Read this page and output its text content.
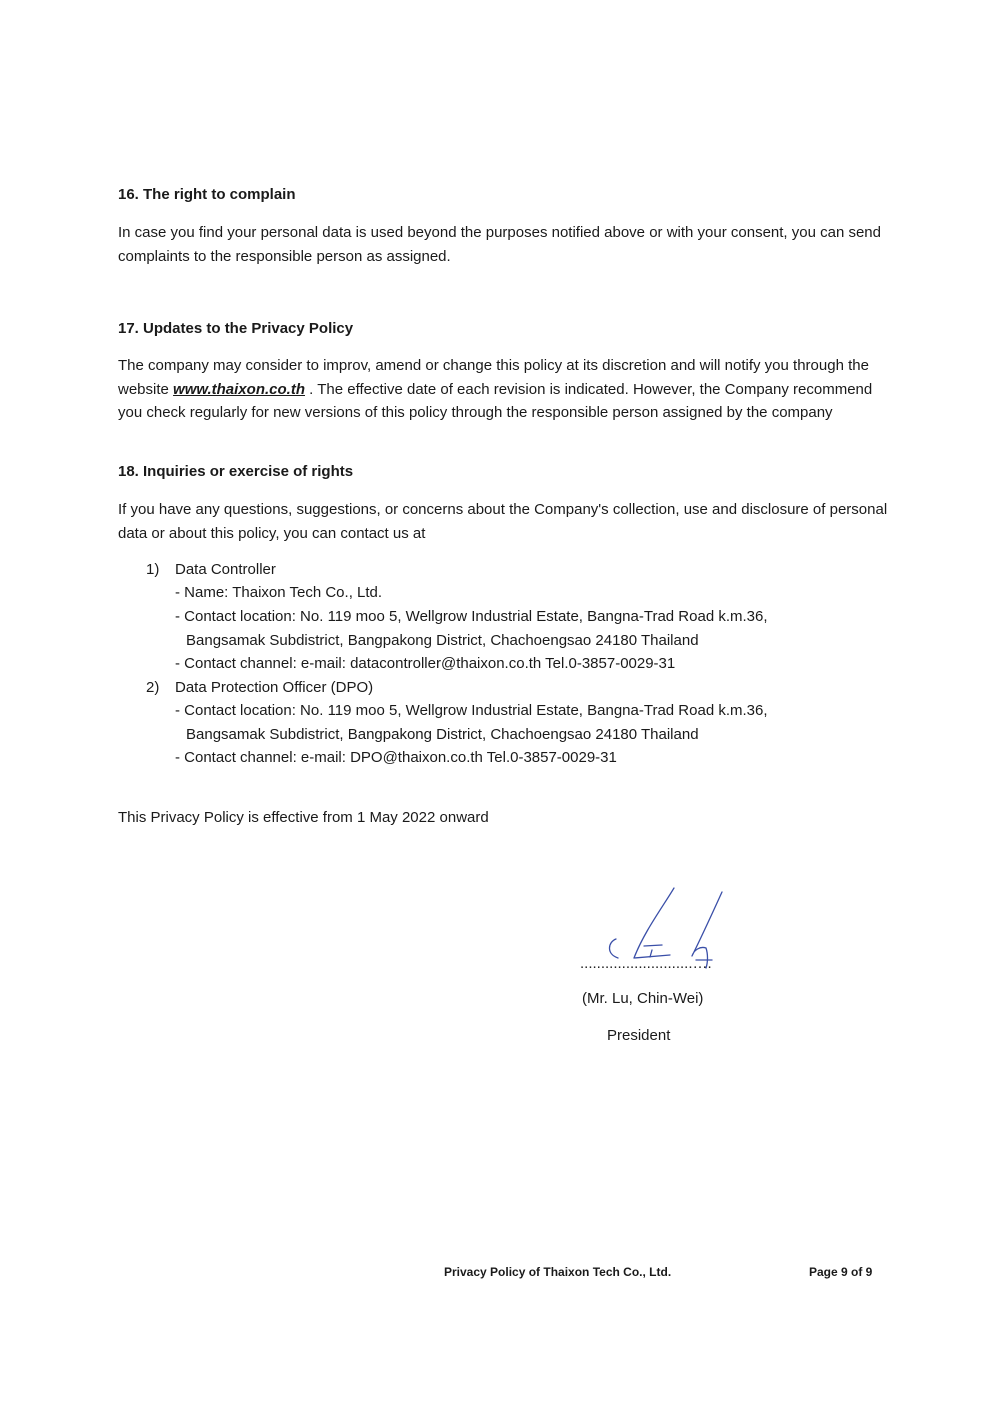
16. The right to complain

In case you find your personal data is used beyond the purposes notified above or with your consent, you can send complaints to the responsible person as assigned.

17. Updates to the Privacy Policy

The company may consider to improv, amend or change this policy at its discretion and will notify you through the website www.thaixon.co.th . The effective date of each revision is indicated. However, the Company recommend you check regularly for new versions of this policy through the responsible person assigned by the company

18. Inquiries or exercise of rights

If you have any questions, suggestions, or concerns about the Company's collection, use and disclosure of personal data or about this policy, you can contact us at

1) Data Controller
- Name: Thaixon Tech Co., Ltd.
- Contact location: No. 119 moo 5, Wellgrow Industrial Estate, Bangna-Trad Road k.m.36,
Bangsamak Subdistrict, Bangpakong District, Chachoengsao 24180 Thailand
- Contact channel: e-mail: datacontroller@thaixon.co.th Tel.0-3857-0029-31
2) Data Protection Officer (DPO)
- Contact location: No. 119 moo 5, Wellgrow Industrial Estate, Bangna-Trad Road k.m.36,
Bangsamak Subdistrict, Bangpakong District, Chachoengsao 24180 Thailand
- Contact channel: e-mail: DPO@thaixon.co.th Tel.0-3857-0029-31

This Privacy Policy is effective from 1 May 2022 onward

...........................….
(Mr. Lu, Chin-Wei)
President
Privacy Policy of Thaixon Tech Co., Ltd.	Page 9 of 9
